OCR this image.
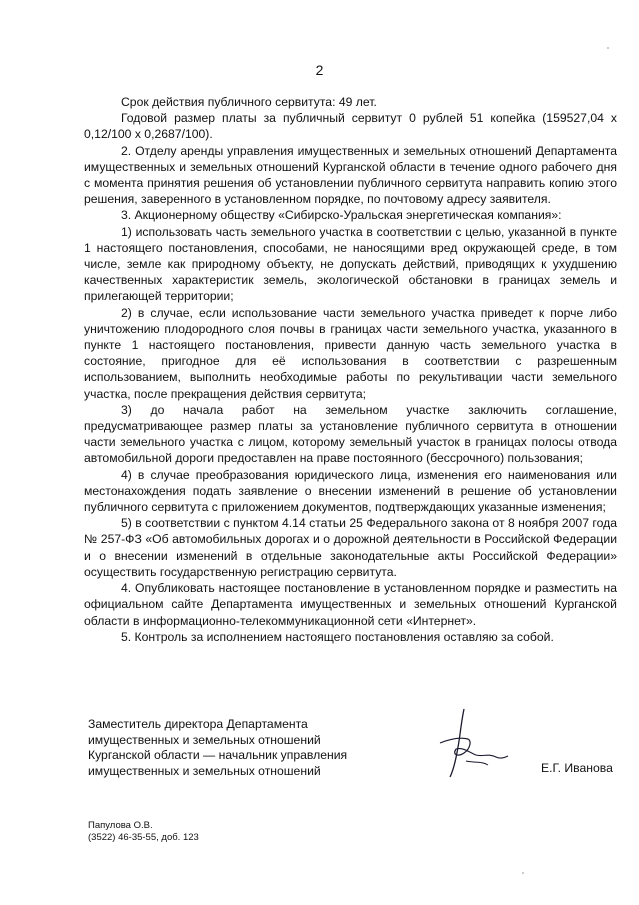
2

Срок действия публичного сервитута: 49 лет.

Годовой размер платы за публичный сервитут 0 рублей 51 копейка (159527,04 х 0,12/100 х 0,2687/100).

2. Отделу аренды управления имущественных и земельных отношений Департамента имущественных и земельных отношений Курганской области в течение одного рабочего дня с момента принятия решения об установлении публичного сервитута направить копию этого решения, заверенного в установленном порядке, по почтовому адресу заявителя.

3. Акционерному обществу «Сибирско-Уральская энергетическая компания»:

1) использовать часть земельного участка в соответствии с целью, указанной в пункте 1 настоящего постановления, способами, не наносящими вред окружающей среде, в том числе, земле как природному объекту, не допускать действий, приводящих к ухудшению качественных характеристик земель, экологической обстановки в границах земель и прилегающей территории;

2) в случае, если использование части земельного участка приведет к порче либо уничтожению плодородного слоя почвы в границах части земельного участка, указанного в пункте 1 настоящего постановления, привести данную часть земельного участка в состояние, пригодное для её использования в соответствии с разрешенным использованием, выполнить необходимые работы по рекультивации части земельного участка, после прекращения действия сервитута;

3) до начала работ на земельном участке заключить соглашение, предусматривающее размер платы за установление публичного сервитута в отношении части земельного участка с лицом, которому земельный участок в границах полосы отвода автомобильной дороги предоставлен на праве постоянного (бессрочного) пользования;

4) в случае преобразования юридического лица, изменения его наименования или местонахождения подать заявление о внесении изменений в решение об установлении публичного сервитута с приложением документов, подтверждающих указанные изменения;

5) в соответствии с пунктом 4.14 статьи 25 Федерального закона от 8 ноября 2007 года № 257-ФЗ «Об автомобильных дорогах и о дорожной деятельности в Российской Федерации и о внесении изменений в отдельные законодательные акты Российской Федерации» осуществить государственную регистрацию сервитута.

4. Опубликовать настоящее постановление в установленном порядке и разместить на официальном сайте Департамента имущественных и земельных отношений Курганской области в информационно-телекоммуникационной сети «Интернет».

5. Контроль за исполнением настоящего постановления оставляю за собой.

Заместитель директора Департамента
имущественных и земельных отношений
Курганской области — начальник управления
имущественных и земельных отношений	Е.Г. Иванова
Папулова О.В.
(3522) 46-35-55, доб. 123
